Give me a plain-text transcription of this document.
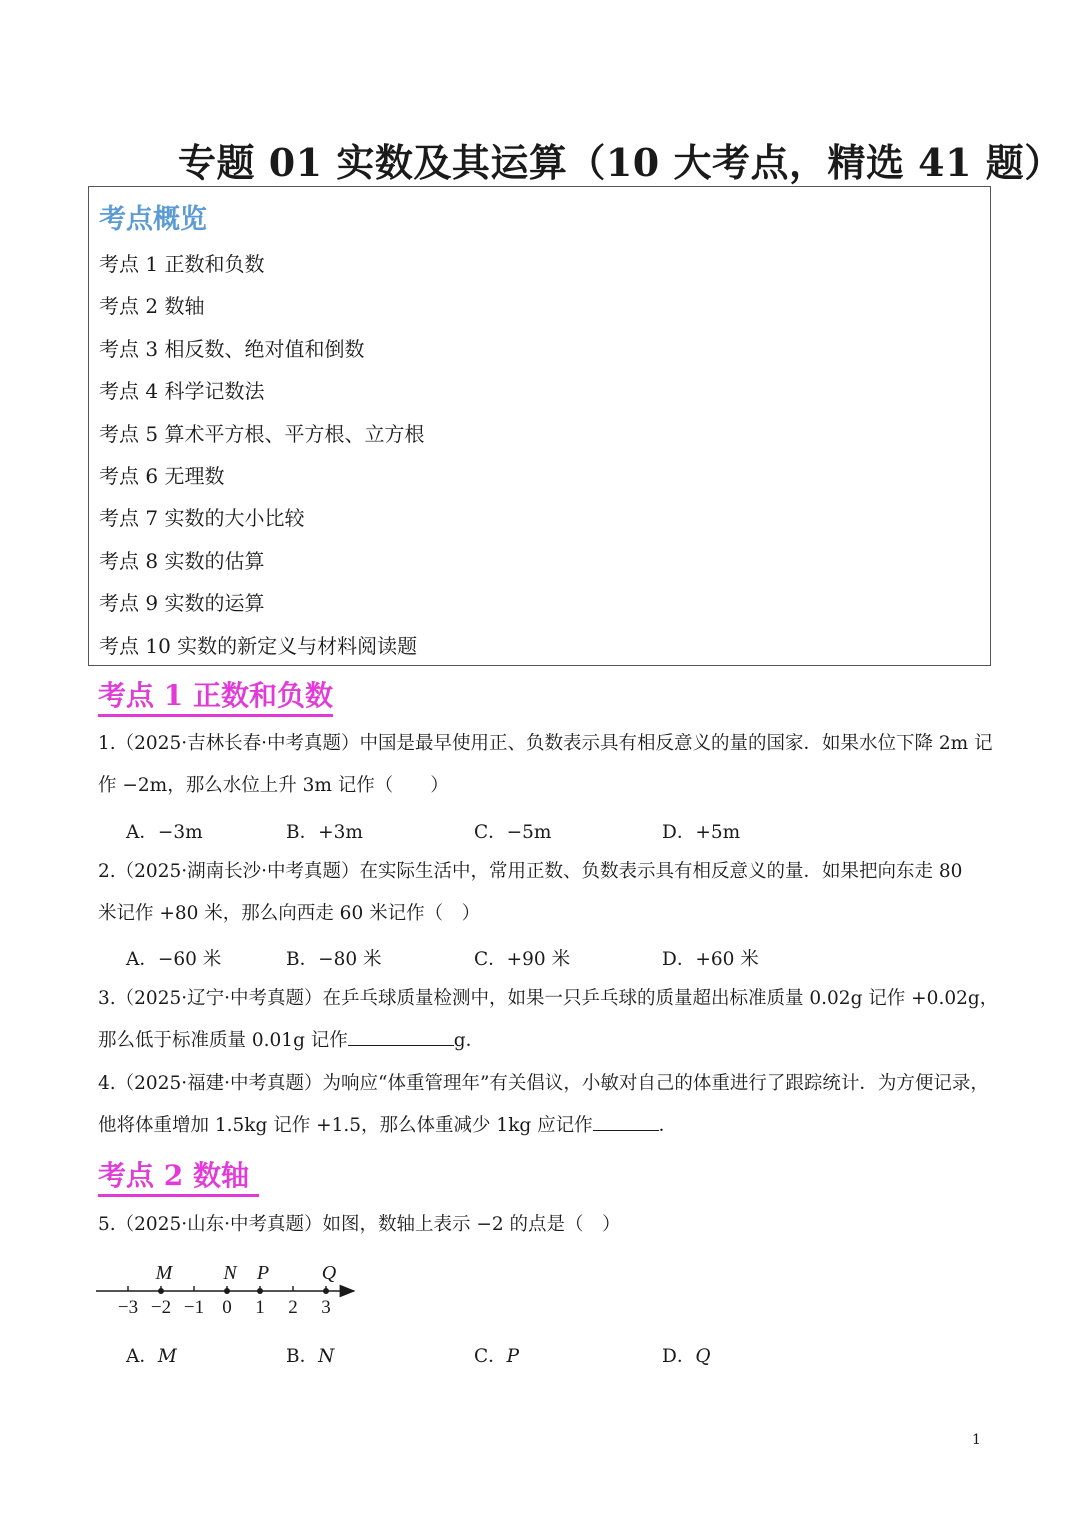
专题 01 实数及其运算（10 大考点，精选 41 题）
考点概览
考点 1 正数和负数
考点 2 数轴
考点 3 相反数、绝对值和倒数
考点 4 科学记数法
考点 5 算术平方根、平方根、立方根
考点 6 无理数
考点 7 实数的大小比较
考点 8 实数的估算
考点 9 实数的运算
考点 10 实数的新定义与材料阅读题
考点 1 正数和负数

1.（2025·吉林长春·中考真题）中国是最早使用正、负数表示具有相反意义的量的国家．如果水位下降 2m 记

作 −2m，那么水位上升 3m 记作（　　）

A．−3m	B．+3m	C．−5m	D．+5m

2.（2025·湖南长沙·中考真题）在实际生活中，常用正数、负数表示具有相反意义的量．如果把向东走 80

米记作 +80 米，那么向西走 60 米记作（　）

A．−60 米	B．−80 米	C．+90 米	D．+60 米

3.（2025·辽宁·中考真题）在乒乓球质量检测中，如果一只乒乓球的质量超出标准质量 0.02g 记作 +0.02g，

那么低于标准质量 0.01g 记作	g．

4.（2025·福建·中考真题）为响应“体重管理年”有关倡议，小敏对自己的体重进行了跟踪统计．为方便记录，

他将体重增加 1.5kg 记作 +1.5，那么体重减少 1kg 应记作	．

考点 2 数轴

5.（2025·山东·中考真题）如图，数轴上表示 −2 的点是（　）

−3 −2 −1 0 1 2 3
M	N P	Q
A．M	B．N	C．P	D．Q
1
